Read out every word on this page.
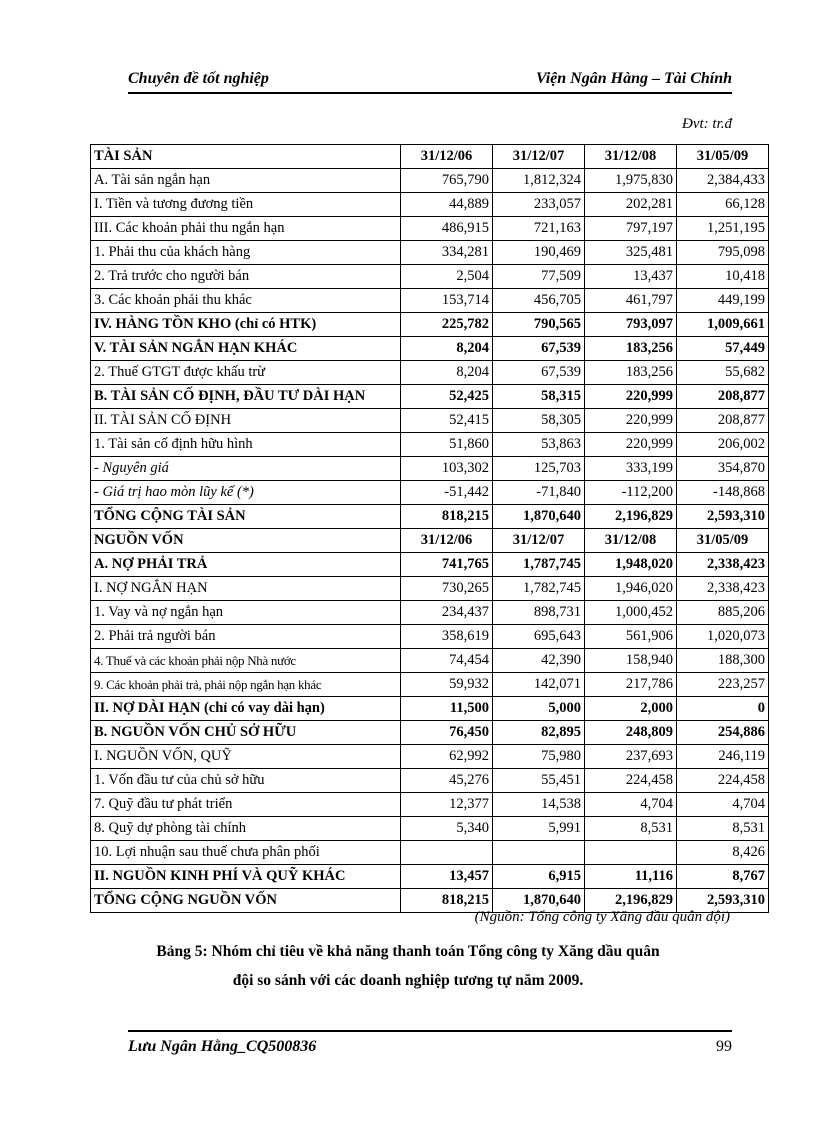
Chuyên đề tốt nghiệp	Viện Ngân Hàng – Tài Chính
Đvt: tr.đ
TÀI SẢN	31/12/06	31/12/07	31/12/08	31/05/09
A. Tài sản ngắn hạn	765,790	1,812,324	1,975,830	2,384,433
I. Tiền và tương đương tiền	44,889	233,057	202,281	66,128
III. Các khoản phải thu ngắn hạn	486,915	721,163	797,197	1,251,195
1. Phải thu của khách hàng	334,281	190,469	325,481	795,098
2. Trả trước cho người bán	2,504	77,509	13,437	10,418
3. Các khoản phải thu khác	153,714	456,705	461,797	449,199
IV. HÀNG TỒN KHO (chỉ có HTK)	225,782	790,565	793,097	1,009,661
V. TÀI SẢN NGẮN HẠN KHÁC	8,204	67,539	183,256	57,449
2. Thuế GTGT được khấu trừ	8,204	67,539	183,256	55,682
B. TÀI SẢN CỐ ĐỊNH, ĐẦU TƯ DÀI HẠN	52,425	58,315	220,999	208,877
II. TÀI SẢN CỐ ĐỊNH	52,415	58,305	220,999	208,877
1. Tài sản cố định hữu hình	51,860	53,863	220,999	206,002
- Nguyên giá	103,302	125,703	333,199	354,870
- Giá trị hao mòn lũy kế (*)	-51,442	-71,840	-112,200	-148,868
TỔNG CỘNG TÀI SẢN	818,215	1,870,640	2,196,829	2,593,310
NGUỒN VỐN	31/12/06	31/12/07	31/12/08	31/05/09
A. NỢ PHẢI TRẢ	741,765	1,787,745	1,948,020	2,338,423
I. NỢ NGẮN HẠN	730,265	1,782,745	1,946,020	2,338,423
1. Vay và nợ ngắn hạn	234,437	898,731	1,000,452	885,206
2. Phải trả người bán	358,619	695,643	561,906	1,020,073
4. Thuế và các khoản phải nộp Nhà nước	74,454	42,390	158,940	188,300
9. Các khoản phải trả, phải nộp ngắn hạn khác	59,932	142,071	217,786	223,257
II. NỢ DÀI HẠN (chỉ có vay dài hạn)	11,500	5,000	2,000	0
B. NGUỒN VỐN CHỦ SỞ HỮU	76,450	82,895	248,809	254,886
I. NGUỒN VỐN, QUỸ	62,992	75,980	237,693	246,119
1. Vốn đầu tư của chủ sở hữu	45,276	55,451	224,458	224,458
7. Quỹ đầu tư phát triển	12,377	14,538	4,704	4,704
8. Quỹ dự phòng tài chính	5,340	5,991	8,531	8,531
10. Lợi nhuận sau thuế chưa phân phối				8,426
II. NGUỒN KINH PHÍ VÀ QUỸ KHÁC	13,457	6,915	11,116	8,767
TỔNG CỘNG NGUỒN VỐN	818,215	1,870,640	2,196,829	2,593,310
(Nguồn: Tổng công ty Xăng dầu quân đội)
Bảng 5: Nhóm chỉ tiêu về khả năng thanh toán Tổng công ty Xăng dầu quân
đội so sánh với các doanh nghiệp tương tự năm 2009.
Lưu Ngân Hằng_CQ500836	99
